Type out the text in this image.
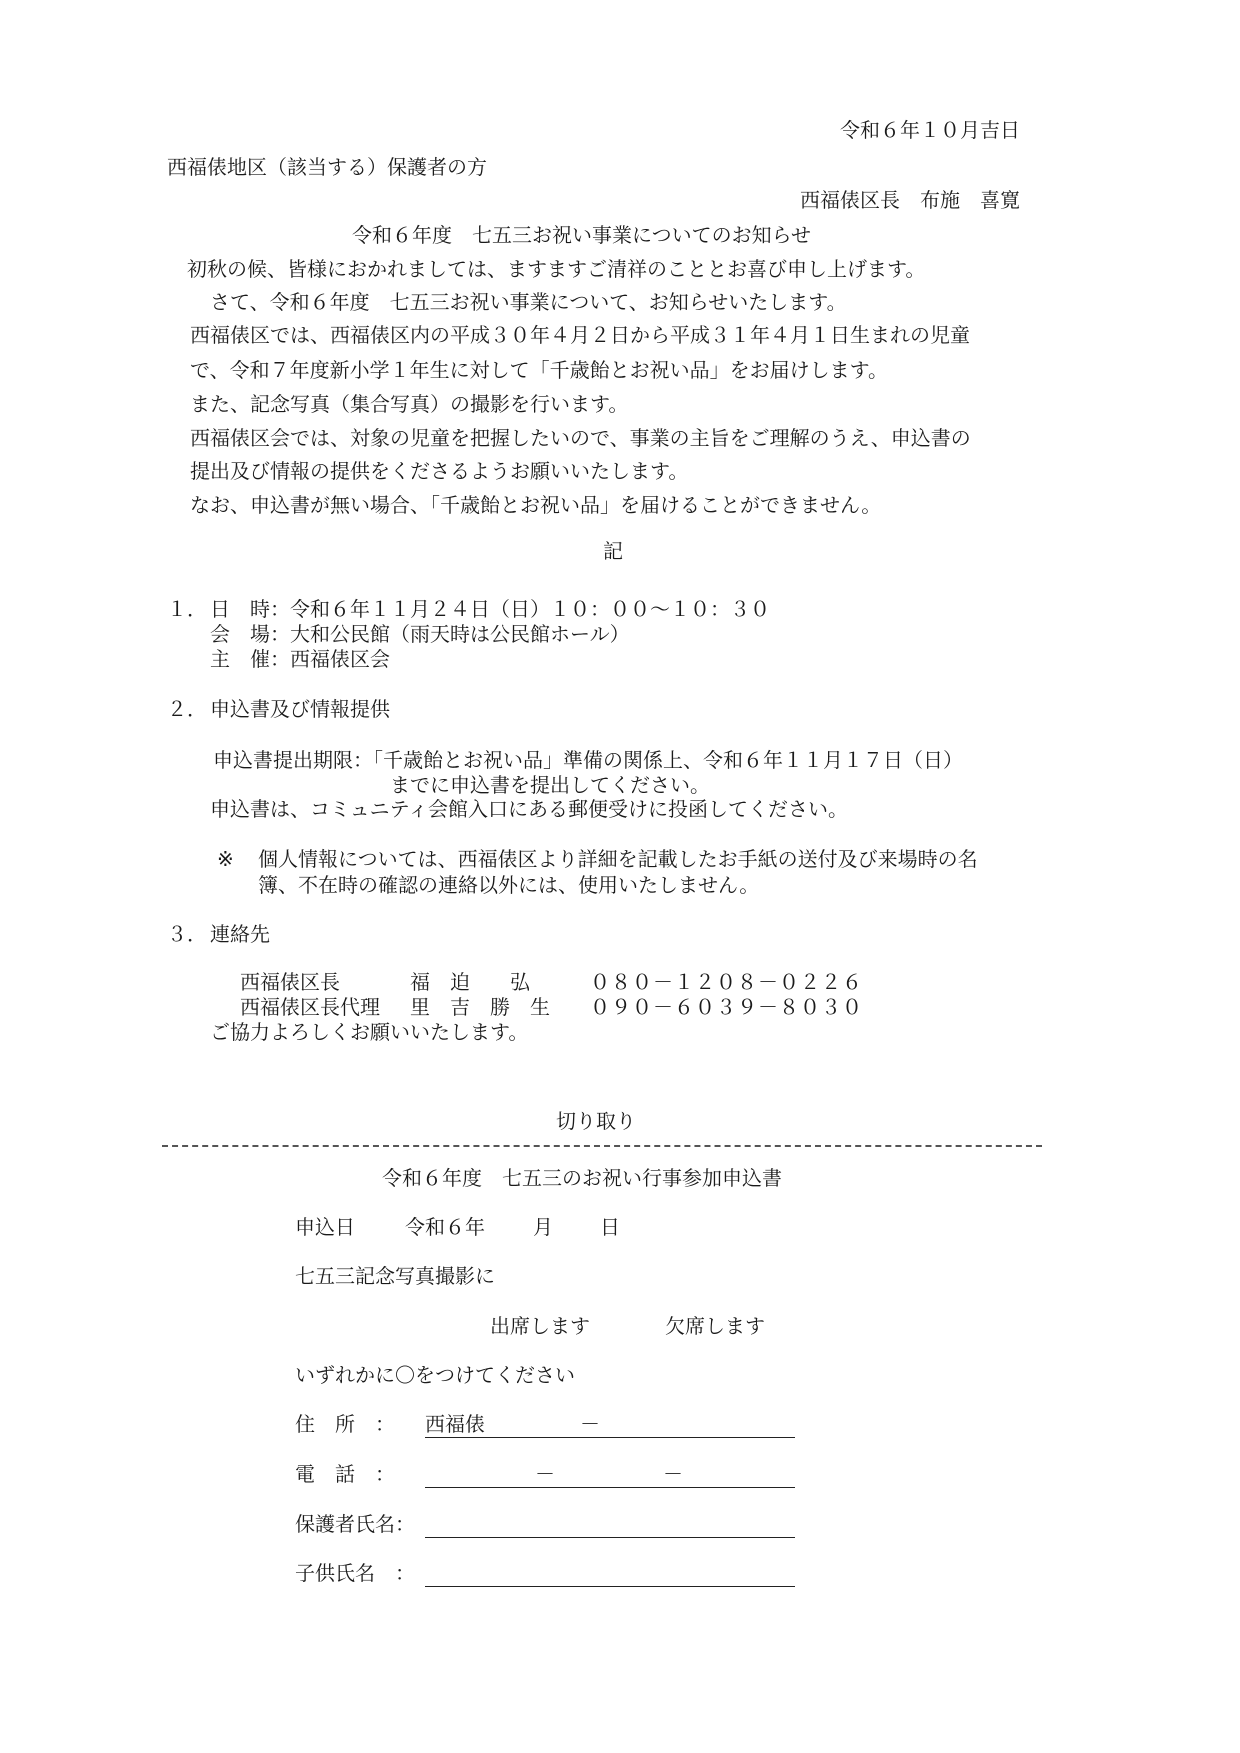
令和６年１０月吉日
西福俵地区（該当する）保護者の方
西福俵区長　布施　喜寛
令和６年度　七五三お祝い事業についてのお知らせ
初秋の候、皆様におかれましては、ますますご清祥のこととお喜び申し上げます。
さて、令和６年度　七五三お祝い事業について、お知らせいたします。
西福俵区では、西福俵区内の平成３０年４月２日から平成３１年４月１日生まれの児童
で、令和７年度新小学１年生に対して「千歳飴とお祝い品」をお届けします。
また、記念写真（集合写真）の撮影を行います。
西福俵区会では、対象の児童を把握したいので、事業の主旨をご理解のうえ、申込書の
提出及び情報の提供をくださるようお願いいたします。
なお、申込書が無い場合、「千歳飴とお祝い品」を届けることができません。
記
１． 日　時：令和６年１１月２４日（日）１０：００～１０：３０
会　場：大和公民館（雨天時は公民館ホール）
主　催：西福俵区会
２． 申込書及び情報提供
申込書提出期限：「千歳飴とお祝い品」準備の関係上、令和６年１１月１７日（日）
までに申込書を提出してください。
申込書は、コミュニティ会館入口にある郵便受けに投函してください。
※ 個人情報については、西福俵区より詳細を記載したお手紙の送付及び来場時の名
簿、不在時の確認の連絡以外には、使用いたしません。
３． 連絡先
西福俵区長	福　迫　　弘	０８０－１２０８－０２２６
西福俵区長代理 里　吉　勝　生 ０９０－６０３９－８０３０
ご協力よろしくお願いいたします。
切り取り
令和６年度　七五三のお祝い行事参加申込書
申込日	令和６年 月 日
七五三記念写真撮影に
出席します	欠席します
いずれかに〇をつけてください
住　所　： 西福俵	－
電　話　：	－	－
保護者氏名：
子供氏名　：
